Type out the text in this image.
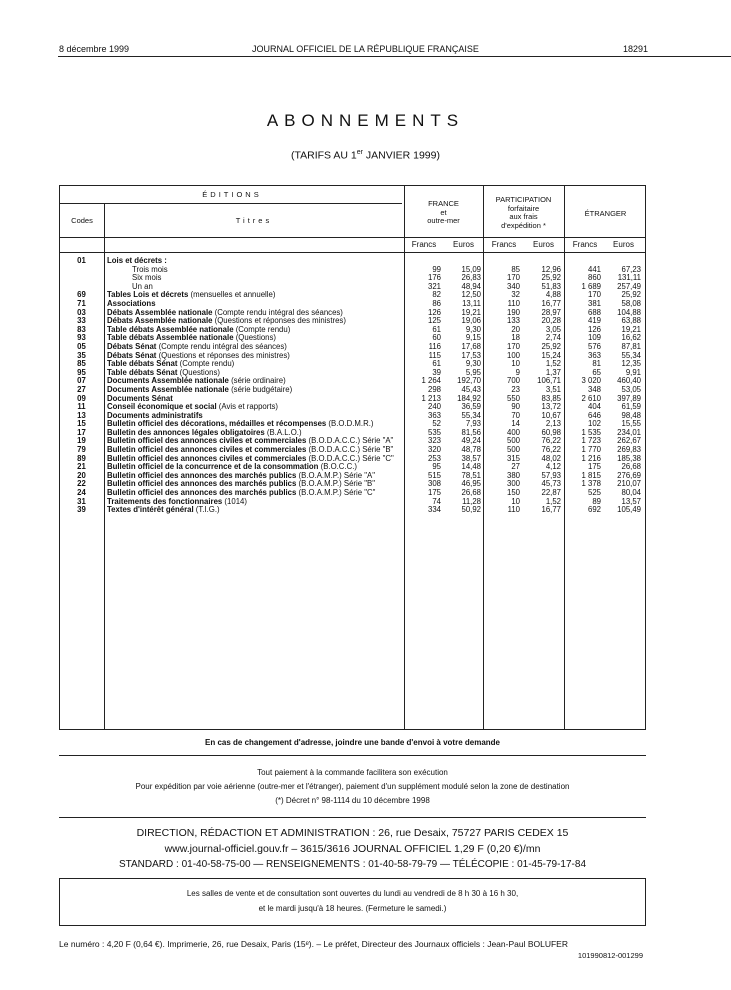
8 décembre 1999	JOURNAL OFFICIEL DE LA RÉPUBLIQUE FRANÇAISE	18291
ABONNEMENTS
(TARIFS AU 1er JANVIER 1999)
ÉDITIONS
Codes	Titres
FRANCE
et
outre-mer
PARTICIPATION
forfaitaire
aux frais
d'expédition *
ÉTRANGER
Francs	Euros	Francs	Euros	Francs	Euros
01	Lois et décrets :
Trois mois	99	15,09	85	12,96	441	67,23
Six mois	176	26,83	170	25,92	860	131,11
Un an	321	48,94	340	51,83	1 689	257,49
69	Tables Lois et décrets (mensuelles et annuelle)	82	12,50	32	4,88	170	25,92
71	Associations	86	13,11	110	16,77	381	58,08
03	Débats Assemblée nationale (Compte rendu intégral des séances)	126	19,21	190	28,97	688	104,88
33	Débats Assemblée nationale (Questions et réponses des ministres)	125	19,06	133	20,28	419	63,88
83	Table débats Assemblée nationale (Compte rendu)	61	9,30	20	3,05	126	19,21
93	Table débats Assemblée nationale (Questions)	60	9,15	18	2,74	109	16,62
05	Débats Sénat (Compte rendu intégral des séances)	116	17,68	170	25,92	576	87,81
35	Débats Sénat (Questions et réponses des ministres)	115	17,53	100	15,24	363	55,34
85	Table débats Sénat (Compte rendu)	61	9,30	10	1,52	81	12,35
95	Table débats Sénat (Questions)	39	5,95	9	1,37	65	9,91
07	Documents Assemblée nationale (série ordinaire)	1 264	192,70	700	106,71	3 020	460,40
27	Documents Assemblée nationale (série budgétaire)	298	45,43	23	3,51	348	53,05
09	Documents Sénat	1 213	184,92	550	83,85	2 610	397,89
11	Conseil économique et social (Avis et rapports)	240	36,59	90	13,72	404	61,59
13	Documents administratifs	363	55,34	70	10,67	646	98,48
15	Bulletin officiel des décorations, médailles et récompenses (B.O.D.M.R.)	52	7,93	14	2,13	102	15,55
17	Bulletin des annonces légales obligatoires (B.A.L.O.)	535	81,56	400	60,98	1 535	234,01
19	Bulletin officiel des annonces civiles et commerciales (B.O.D.A.C.C.) Série "A"	323	49,24	500	76,22	1 723	262,67
79	Bulletin officiel des annonces civiles et commerciales (B.O.D.A.C.C.) Série "B"	320	48,78	500	76,22	1 770	269,83
89	Bulletin officiel des annonces civiles et commerciales (B.O.D.A.C.C.) Série "C"	253	38,57	315	48,02	1 216	185,38
21	Bulletin officiel de la concurrence et de la consommation (B.O.C.C.)	95	14,48	27	4,12	175	26,68
20	Bulletin officiel des annonces des marchés publics (B.O.A.M.P.) Série "A"	515	78,51	380	57,93	1 815	276,69
22	Bulletin officiel des annonces des marchés publics (B.O.A.M.P.) Série "B"	308	46,95	300	45,73	1 378	210,07
24	Bulletin officiel des annonces des marchés publics (B.O.A.M.P.) Série "C"	175	26,68	150	22,87	525	80,04
31	Traitements des fonctionnaires (1014)	74	11,28	10	1,52	89	13,57
39	Textes d'intérêt général (T.I.G.)	334	50,92	110	16,77	692	105,49
En cas de changement d'adresse, joindre une bande d'envoi à votre demande
Tout paiement à la commande facilitera son exécution
Pour expédition par voie aérienne (outre-mer et l'étranger), paiement d'un supplément modulé selon la zone de destination
(*) Décret n° 98-1114 du 10 décembre 1998
DIRECTION, RÉDACTION ET ADMINISTRATION : 26, rue Desaix, 75727 PARIS CEDEX 15
www.journal-officiel.gouv.fr – 3615/3616 JOURNAL OFFICIEL 1,29 F (0,20 €)/mn
STANDARD : 01-40-58-75-00 — RENSEIGNEMENTS : 01-40-58-79-79 — TÉLÉCOPIE : 01-45-79-17-84
Les salles de vente et de consultation sont ouvertes du lundi au vendredi de 8 h 30 à 16 h 30,
et le mardi jusqu'à 18 heures. (Fermeture le samedi.)
Le numéro : 4,20 F (0,64 €). Imprimerie, 26, rue Desaix, Paris (15ᵉ). – Le préfet, Directeur des Journaux officiels : Jean-Paul BOLUFER
101990812-001299
